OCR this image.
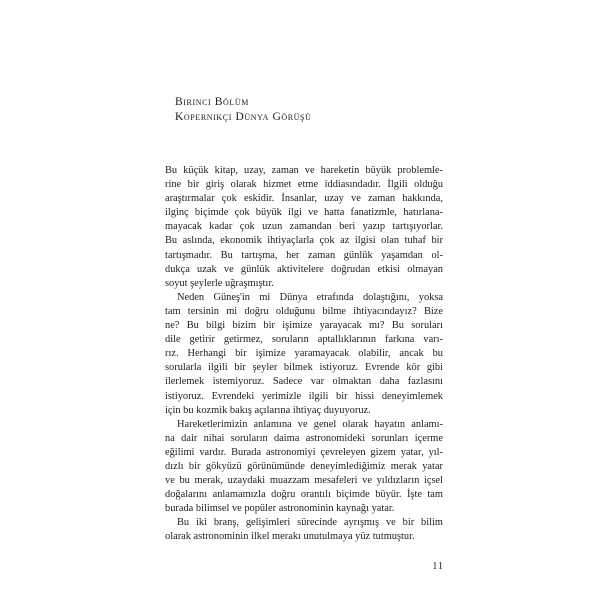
Birinci Bölüm
Kopernikçi Dünya Görüşü
Bu küçük kitap, uzay, zaman ve hareketin büyük problemle-
rine bir giriş olarak hizmet etme iddiasındadır. İlgili olduğu
araştırmalar çok eskidir. İnsanlar, uzay ve zaman hakkında,
ilginç biçimde çok büyük ilgi ve hatta fanatizmle, hatırlana-
mayacak kadar çok uzun zamandan beri yazıp tartışıyorlar.
Bu aslında, ekonomik ihtiyaçlarla çok az ilgisi olan tuhaf bir
tartışmadır. Bu tartışma, her zaman günlük yaşamdan ol-
dukça uzak ve günlük aktivitelere doğrudan etkisi olmayan
soyut şeylerle uğraşmıştır.
Neden Güneş'in mi Dünya etrafında dolaştığını, yoksa
tam tersinin mi doğru olduğunu bilme ihtiyacındayız? Bize
ne? Bu bilgi bizim bir işimize yarayacak mı? Bu soruları
dile getirir getirmez, soruların aptallıklarının farkına varı-
rız. Herhangi bir işimize yaramayacak olabilir, ancak bu
sorularla ilgili bir şeyler bilmek istiyoruz. Evrende kör gibi
ilerlemek istemiyoruz. Sadece var olmaktan daha fazlasını
istiyoruz. Evrendeki yerimizle ilgili bir hissi deneyimlemek
için bu kozmik bakış açılarına ihtiyaç duyuyoruz.
Hareketlerimizin anlamına ve genel olarak hayatın anlamı-
na dair nihai soruların daima astronomideki sorunları içerme
eğilimi vardır. Burada astronomiyi çevreleyen gizem yatar, yıl-
dızlı bir gökyüzü görünümünde deneyimlediğimiz merak yatar
ve bu merak, uzaydaki muazzam mesafeleri ve yıldızların içsel
doğalarını anlamamızla doğru orantılı biçimde büyür. İşte tam
burada bilimsel ve popüler astronominin kaynağı yatar.
Bu iki branş, gelişimleri sürecinde ayrışmış ve bir bilim
olarak astronominin ilkel merakı unutulmaya yüz tutmuştur.
11
